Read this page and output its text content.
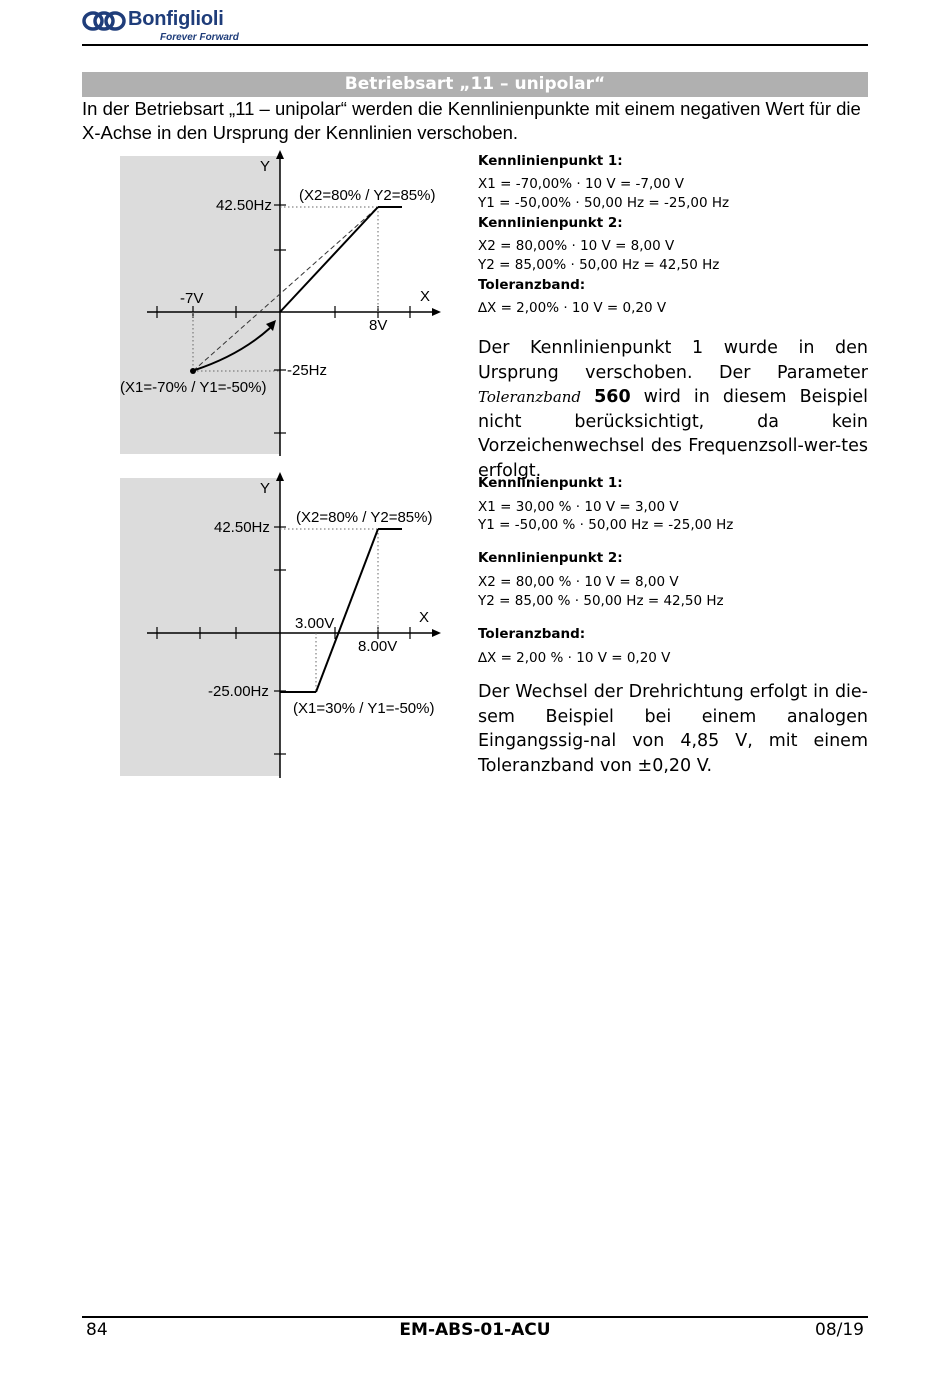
Bonfiglioli
Forever Forward
Betriebsart „11 – unipolar“
In der Betriebsart „11 – unipolar“ werden die Kennlinienpunkte mit einem negativen Wert für die X-Achse in den Ursprung der Kennlinien verschoben.
Y
X
42.50Hz
-25Hz
-7V
8V
(X2=80% / Y2=85%)
(X1=-70% / Y1=-50%)
Kennlinienpunkt 1:
X1 = -70,00% · 10 V = -7,00 V
Y1 = -50,00% · 50,00 Hz = -25,00 Hz
Kennlinienpunkt 2:
X2 = 80,00% · 10 V = 8,00 V
Y2 = 85,00% · 50,00 Hz = 42,50 Hz
Toleranzband:
∆X = 2,00% · 10 V = 0,20 V
Der Kennlinienpunkt 1 wurde in den Ursprung verschoben. Der Parameter Toleranzband 560 wird in diesem Beispiel nicht berücksichtigt, da kein Vorzeichenwechsel des Frequenzsoll-wer-tes erfolgt.
Y
X
42.50Hz
-25.00Hz
3.00V
8.00V
(X2=80% / Y2=85%)
(X1=30% / Y1=-50%)
Kennlinienpunkt 1:
X1 = 30,00 % · 10 V = 3,00 V
Y1 = -50,00 % · 50,00 Hz = -25,00 Hz
Kennlinienpunkt 2:
X2 = 80,00 % · 10 V = 8,00 V
Y2 = 85,00 % · 50,00 Hz = 42,50 Hz
Toleranzband:
∆X = 2,00 % · 10 V = 0,20 V
Der Wechsel der Drehrichtung erfolgt in die-sem Beispiel bei einem analogen Eingangssig-nal von 4,85 V, mit einem Toleranzband von ±0,20 V.
84	EM-ABS-01-ACU	08/19
